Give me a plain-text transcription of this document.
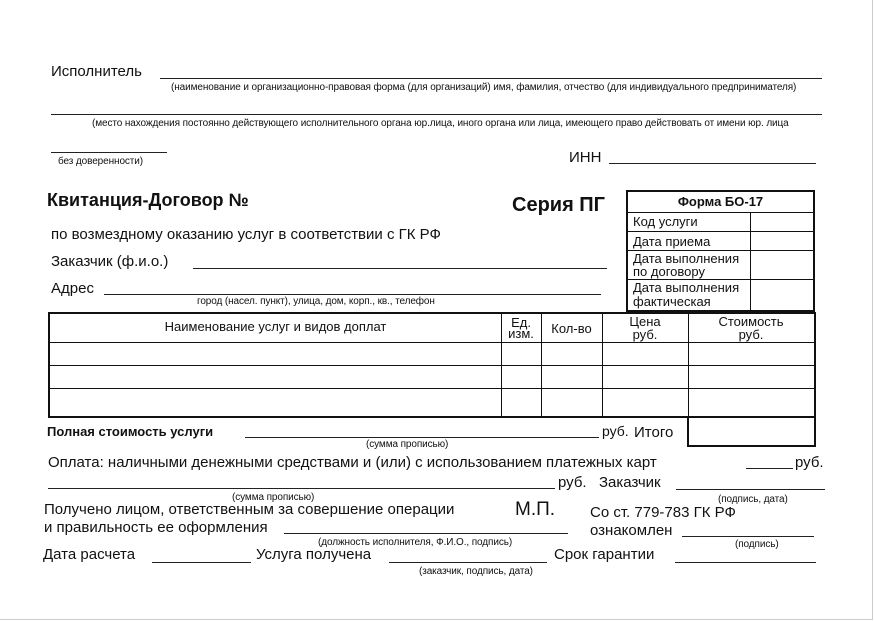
Исполнитель
(наименование и организационно-правовая форма (для организаций) имя, фамилия, отчество (для индивидуального предпринимателя)
(место нахождения постоянно действующего исполнительного органа юр.лица, иного органа или лица, имеющего право действовать от имени юр. лица
без доверенности)	ИНН
Квитанция-Договор №	Серия ПГ
по возмездному оказанию услуг в соответствии с ГК РФ
Заказчик (ф.и.о.)
Адрес
город (насел. пункт), улица, дом, корп., кв., телефон
Форма БО-17
Код услуги
Дата приема
Дата выполнения
по договору
Дата выполнения
фактическая
Наименование услуг и видов доплат	Ед.
изм.	Кол-во	Цена
руб.
Стоимость
руб.
Полная стоимость услуги	руб. Итого
(сумма прописью)
Оплата: наличными денежными средствами и (или) с использованием платежных карт	руб.
руб. Заказчик
(сумма прописью)	(подпись, дата)
Получено лицом, ответственным за совершение операции
и правильность ее оформления
(должность исполнителя, Ф.И.О., подпись)
М.П. Со ст. 779-783 ГК РФ
ознакомлен
(подпись)
Дата расчета	Услуга получена
(заказчик, подпись, дата)
Срок гарантии
